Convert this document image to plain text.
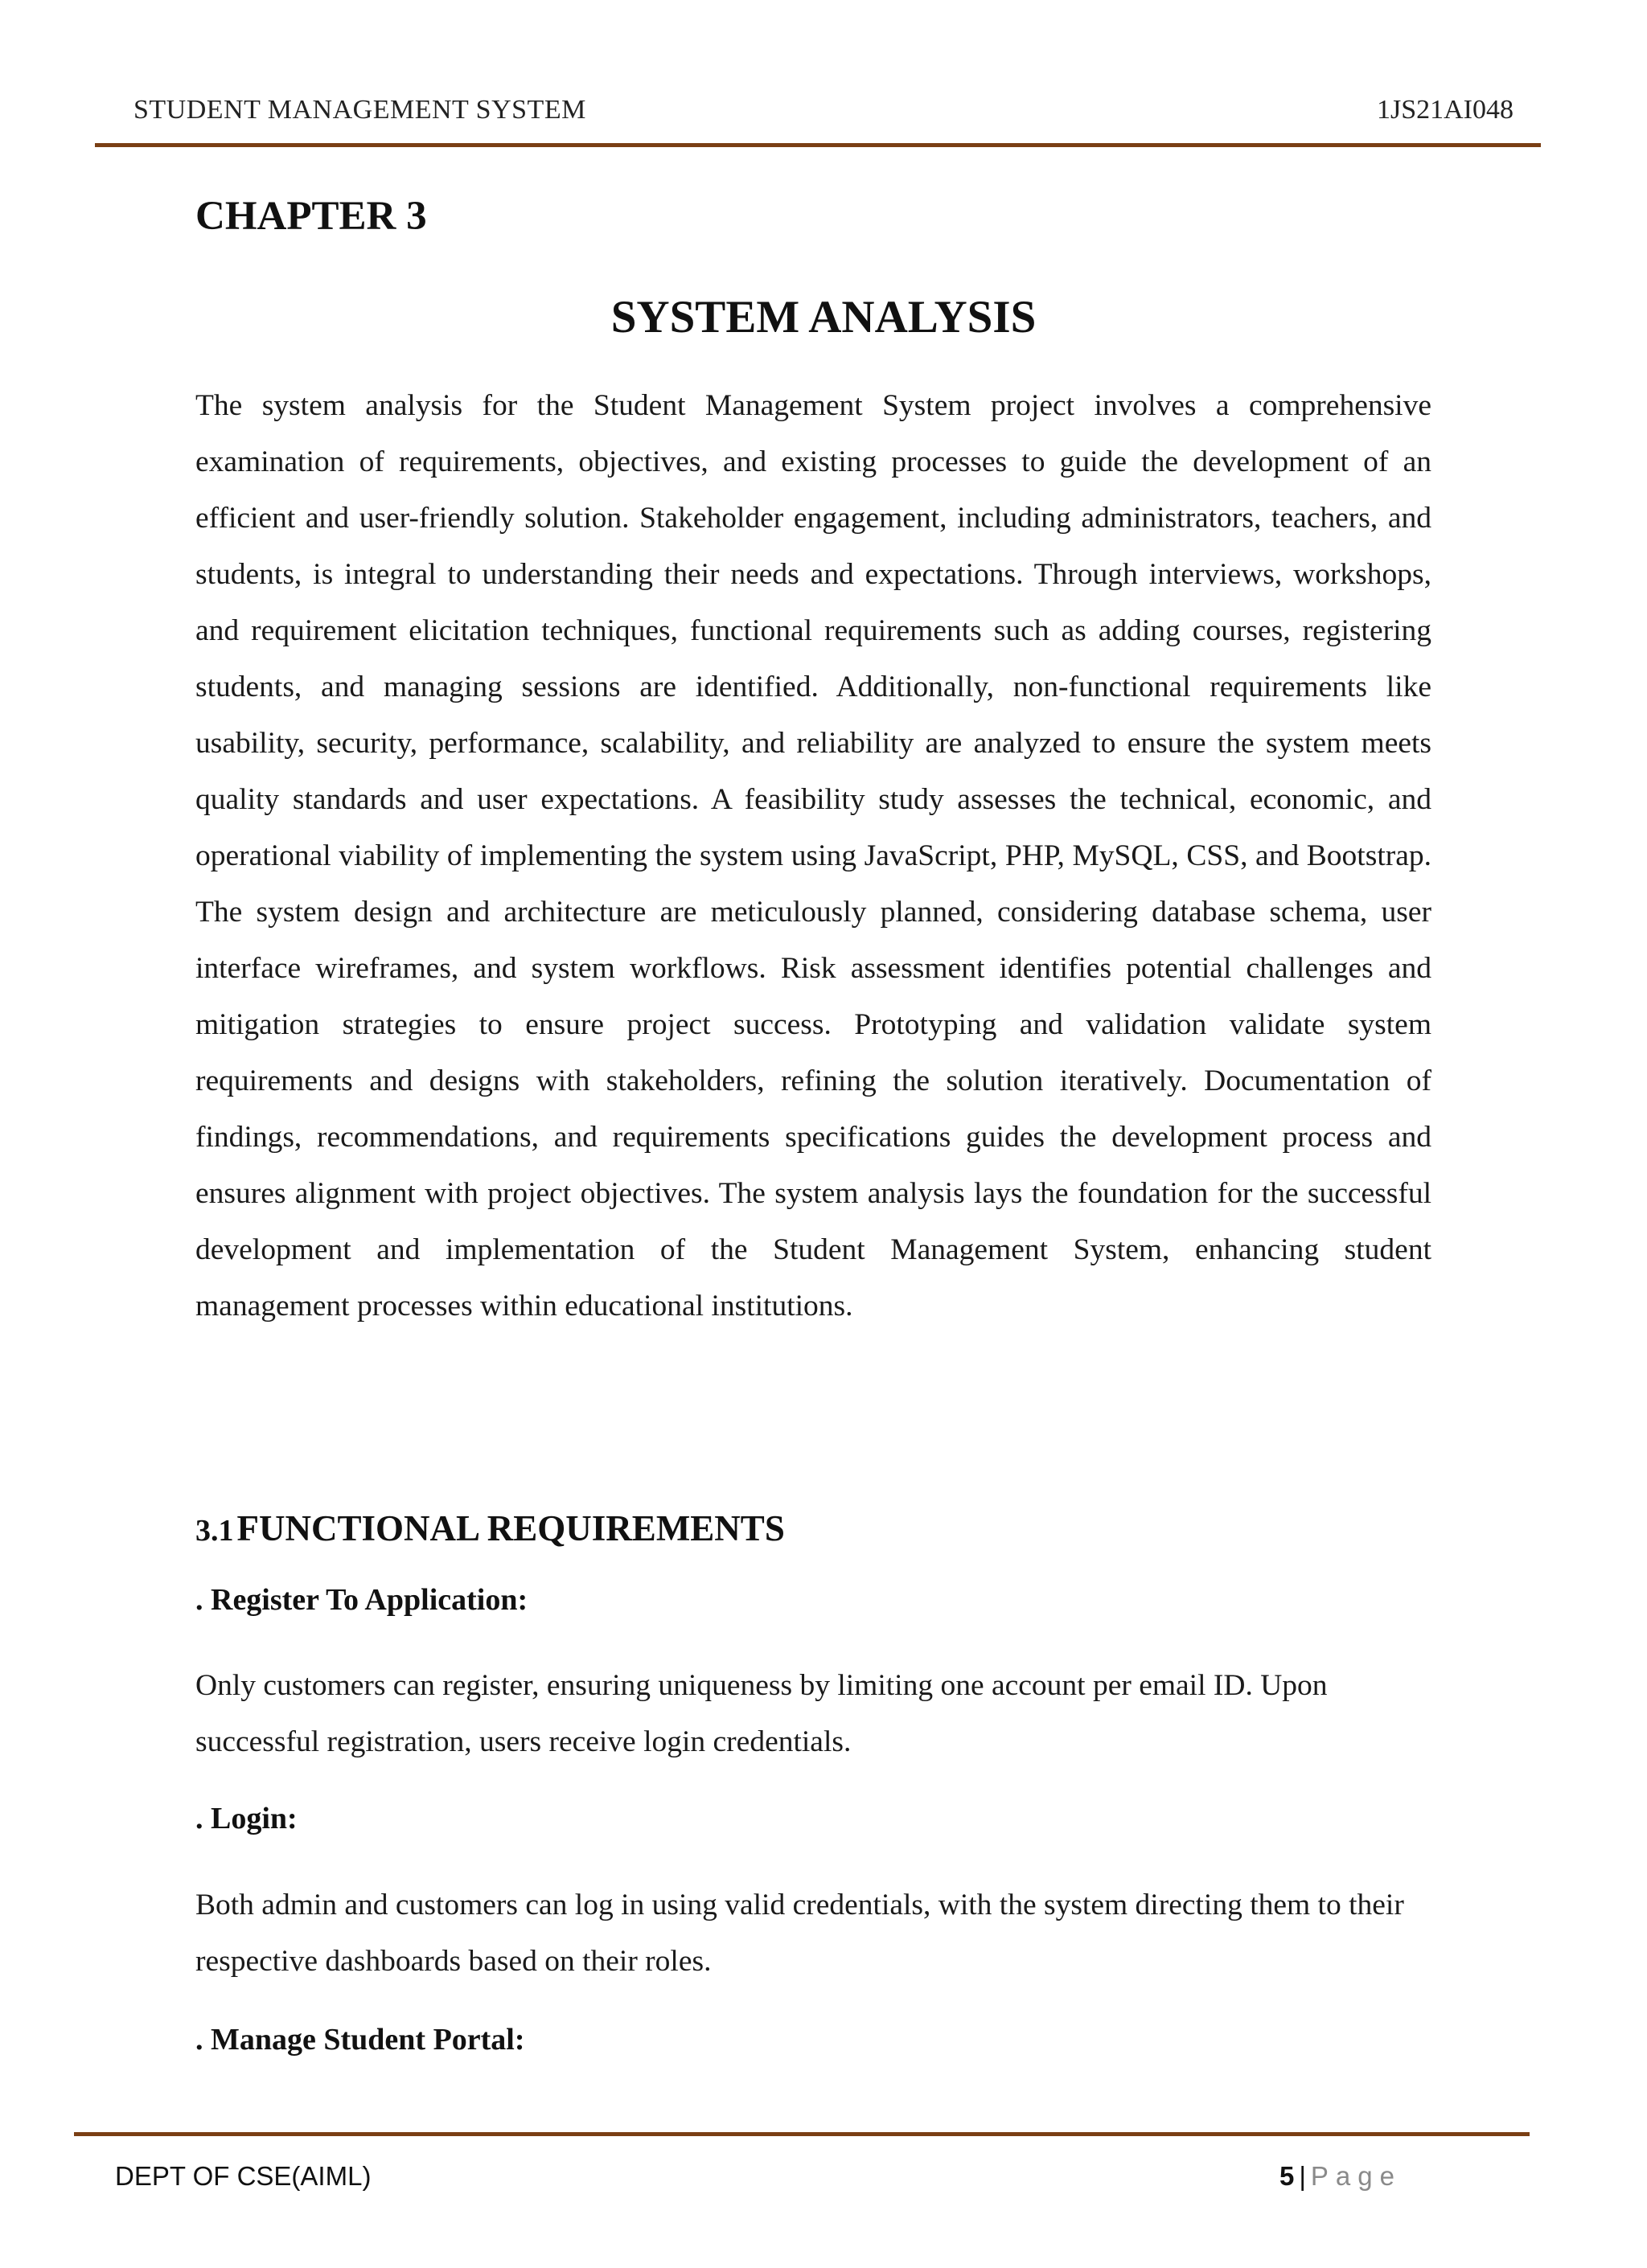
STUDENT MANAGEMENT SYSTEM	1JS21AI048
CHAPTER 3
SYSTEM ANALYSIS

The system analysis for the Student Management System project involves a comprehensive examination of requirements, objectives, and existing processes to guide the development of an efficient and user-friendly solution. Stakeholder engagement, including administrators, teachers, and students, is integral to understanding their needs and expectations. Through interviews, workshops, and requirement elicitation techniques, functional requirements such as adding courses, registering students, and managing sessions are identified. Additionally, non-functional requirements like usability, security, performance, scalability, and reliability are analyzed to ensure the system meets quality standards and user expectations. A feasibility study assesses the technical, economic, and operational viability of implementing the system using JavaScript, PHP, MySQL, CSS, and Bootstrap. The system design and architecture are meticulously planned, considering database schema, user interface wireframes, and system workflows. Risk assessment identifies potential challenges and mitigation strategies to ensure project success. Prototyping and validation validate system requirements and designs with stakeholders, refining the solution iteratively. Documentation of findings, recommendations, and requirements specifications guides the development process and ensures alignment with project objectives. The system analysis lays the foundation for the successful development and implementation of the Student Management System, enhancing student management processes within educational institutions.

3.1 FUNCTIONAL REQUIREMENTS
. Register To Application:

Only customers can register, ensuring uniqueness by limiting one account per email ID. Upon successful registration, users receive login credentials.

. Login:

Both admin and customers can log in using valid credentials, with the system directing them to their respective dashboards based on their roles.

. Manage Student Portal:
DEPT OF CSE(AIML)	5 | Page
